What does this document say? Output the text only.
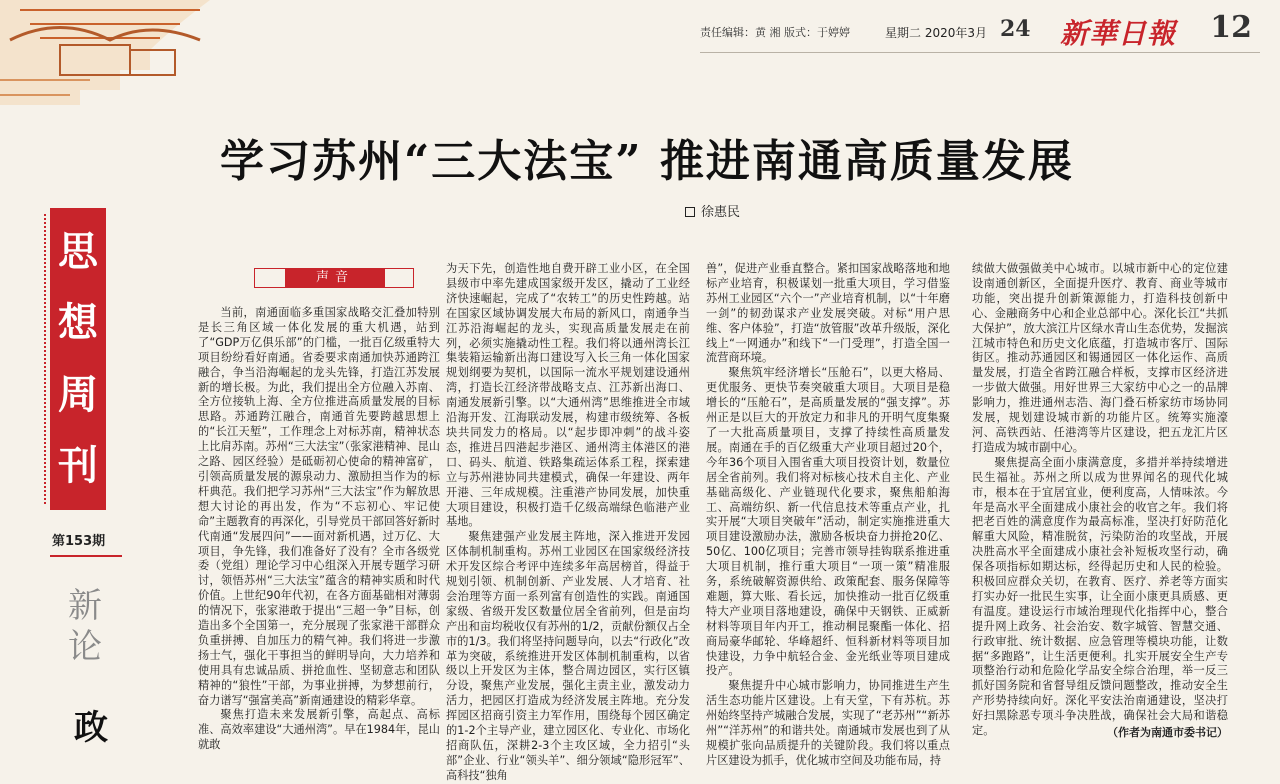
责任编辑：黄 湘 版式：于婷婷	星期二 2020年3月 24 新華日報 12
学习苏州“三大法宝” 推进南通高质量发展
徐惠民
思
想
周
刊
第153期
新
论
政
声音

当前，南通面临多重国家战略交汇叠加特别是长三角区域一体化发展的重大机遇，站到了“GDP万亿俱乐部”的门槛，一批百亿级重特大项目纷纷看好南通。省委要求南通加快苏通跨江融合，争当沿海崛起的龙头先锋，打造江苏发展新的增长极。为此，我们提出全方位融入苏南、全方位接轨上海、全方位推进高质量发展的目标思路。苏通跨江融合，南通首先要跨越思想上的“长江天堑”，工作理念上对标苏南，精神状态上比肩苏南。苏州“三大法宝”（张家港精神、昆山之路、园区经验）是砥砺初心使命的精神富矿，引领高质量发展的源泉动力、激励担当作为的标杆典范。我们把学习苏州“三大法宝”作为解放思想大讨论的再出发，作为“不忘初心、牢记使命”主题教育的再深化，引导党员干部回答好新时代南通“发展四问”——面对新机遇，过万亿、大项目，争先锋，我们准备好了没有？全市各级党委（党组）理论学习中心组深入开展专题学习研讨，领悟苏州“三大法宝”蕴含的精神实质和时代价值。上世纪90年代初，在各方面基础相对薄弱的情况下，张家港敢于提出“三超一争”目标，创造出多个全国第一，充分展现了张家港干部群众负重拼搏、自加压力的精气神。我们将进一步激扬士气，强化干事担当的鲜明导向，大力培养和使用具有忠诚品质、拼抢血性、坚韧意志和团队精神的“狼性”干部，为事业拼搏，为梦想前行，奋力谱写“强富美高”新南通建设的精彩华章。

聚焦打造未来发展新引擎，高起点、高标准、高效率建设“大通州湾”。早在1984年，昆山就敢

为天下先，创造性地自费开辟工业小区，在全国县级市中率先建成国家级开发区，撬动了工业经济快速崛起，完成了“农转工”的历史性跨越。站在国家区域协调发展大布局的新风口，南通争当江苏沿海崛起的龙头，实现高质量发展走在前列，必须实施撬动性工程。我们将以通州湾长江集装箱运输新出海口建设写入长三角一体化国家规划纲要为契机，以国际一流水平规划建设通州湾，打造长江经济带战略支点、江苏新出海口、南通发展新引擎。以“大通州湾”思维推进全市域沿海开发、江海联动发展，构建市级统筹、各板块共同发力的格局。以“起步即冲刺”的战斗姿态，推进吕四港起步港区、通州湾主体港区的港口、码头、航道、铁路集疏运体系工程，探索建立与苏州港协同共建模式，确保一年建设、两年开港、三年成规模。注重港产协同发展，加快重大项目建设，积极打造千亿级高端绿色临港产业基地。

聚焦建强产业发展主阵地，深入推进开发园区体制机制重构。苏州工业园区在国家级经济技术开发区综合考评中连续多年高居榜首，得益于规划引领、机制创新、产业发展、人才培育、社会治理等方面一系列富有创造性的实践。南通国家级、省级开发区数量位居全省前列，但是亩均产出和亩均税收仅有苏州的1/2，贡献份额仅占全市的1/3。我们将坚持问题导向，以去“行政化”改革为突破，系统推进开发区体制机制重构，以省级以上开发区为主体，整合周边园区，实行区镇分设，聚焦产业发展，强化主责主业，激发动力活力，把园区打造成为经济发展主阵地。充分发挥园区招商引资主力军作用，围绕每个园区确定的1-2个主导产业，建立园区化、专业化、市场化招商队伍，深耕2-3个主攻区域，全力招引“头部”企业、行业“领头羊”、细分领域“隐形冠军”、高科技“独角

兽”，促进产业垂直整合。紧扣国家战略落地和地标产业培育，积极谋划一批重大项目，学习借鉴苏州工业园区“六个一”产业培育机制，以“十年磨一剑”的韧劲谋求产业发展突破。对标“用户思维、客户体验”，打造“放管服”改革升级版，深化线上“一网通办”和线下“一门受理”，打造全国一流营商环境。

聚焦筑牢经济增长“压舱石”，以更大格局、更优服务、更快节奏突破重大项目。大项目是稳增长的“压舱石”，是高质量发展的“强支撑”。苏州正是以巨大的开放定力和非凡的开明气度集聚了一大批高质量项目，支撑了持续性高质量发展。南通在手的百亿级重大产业项目超过20个，今年36个项目入围省重大项目投资计划，数量位居全省前列。我们将对标核心技术自主化、产业基础高级化、产业链现代化要求，聚焦船舶海工、高端纺织、新一代信息技术等重点产业，扎实开展“大项目突破年”活动，制定实施推进重大项目建设激励办法，激励各板块奋力拼抢20亿、50亿、100亿项目；完善市领导挂钩联系推进重大项目机制，推行重大项目“一项一策”精准服务，系统破解资源供给、政策配套、服务保障等难题，算大账、看长远，加快推动一批百亿级重特大产业项目落地建设，确保中天钢铁、正威新材料等项目年内开工，推动桐昆聚酯一体化、招商局豪华邮轮、华峰超纤、恒科新材料等项目加快建设，力争中航轻合金、金光纸业等项目建成投产。

聚焦提升中心城市影响力，协同推进生产生活生态功能片区建设。上有天堂，下有苏杭。苏州始终坚持产城融合发展，实现了“老苏州”“新苏州”“洋苏州”的和谐共处。南通城市发展也到了从规模扩张向品质提升的关键阶段。我们将以重点片区建设为抓手，优化城市空间及功能布局，持

续做大做强做美中心城市。以城市新中心的定位建设南通创新区，全面提升医疗、教育、商业等城市功能，突出提升创新策源能力，打造科技创新中心、金融商务中心和企业总部中心。深化长江“共抓大保护”，放大滨江片区绿水青山生态优势，发掘滨江城市特色和历史文化底蕴，打造城市客厅、国际街区。推动苏通园区和锡通园区一体化运作、高质量发展，打造全省跨江融合样板，支撑市区经济进一步做大做强。用好世界三大家纺中心之一的品牌影响力，推进通州志浩、海门叠石桥家纺市场协同发展，规划建设城市新的功能片区。统筹实施濠河、高铁西站、任港湾等片区建设，把五龙汇片区打造成为城市副中心。

聚焦提高全面小康满意度，多措并举持续增进民生福祉。苏州之所以成为世界闻名的现代化城市，根本在于宜居宜业，便利度高，人情味浓。今年是高水平全面建成小康社会的收官之年。我们将把老百姓的满意度作为最高标准，坚决打好防范化解重大风险，精准脱贫，污染防治的攻坚战，开展决胜高水平全面建成小康社会补短板攻坚行动，确保各项指标如期达标，经得起历史和人民的检验。积极回应群众关切，在教育、医疗、养老等方面实打实办好一批民生实事，让全面小康更具质感、更有温度。建设运行市域治理现代化指挥中心，整合提升网上政务、社会治安、数字城管、智慧交通、行政审批、统计数据、应急管理等模块功能，让数据“多跑路”，让生活更便利。扎实开展安全生产专项整治行动和危险化学品安全综合治理，举一反三抓好国务院和省督导组反馈问题整改，推动安全生产形势持续向好。深化平安法治南通建设，坚决打好扫黑除恶专项斗争决胜战，确保社会大局和谐稳定。	（作者为南通市委书记）
